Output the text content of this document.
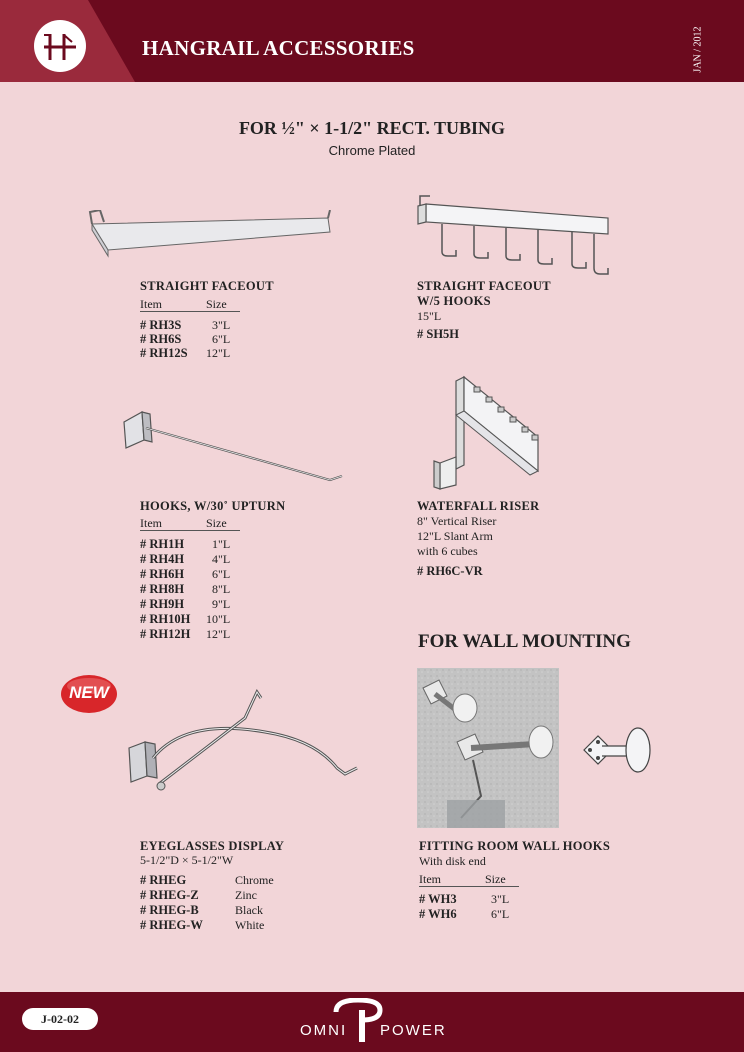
HANGRAIL ACCESSORIES	JAN / 2012
FOR ½" × 1-1/2" RECT. TUBING
Chrome Plated
STRAIGHT FACEOUT
Item	Size
# RH3S	3"L
# RH6S	6"L
# RH12S 12"L
STRAIGHT FACEOUT
W/5 HOOKS
15"L
# SH5H
HOOKS, W/30˚ UPTURN
Item	Size
# RH1H 1"L
# RH4H 4"L
# RH6H 6"L
# RH8H 8"L
# RH9H 9"L
# RH10H 10"L
# RH12H 12"L
WATERFALL RISER
8" Vertical Riser
12"L Slant Arm
with 6 cubes
# RH6C-VR
NEW
EYEGLASSES DISPLAY
5-1/2"D × 5-1/2"W
# RHEG	Chrome
# RHEG-Z	Zinc
# RHEG-B	Black
# RHEG-W	White
FOR WALL MOUNTING
FITTING ROOM WALL HOOKS
With disk end
Item	Size
# WH3	3"L
# WH6	6"L
J-02-02
OMNI POWER
